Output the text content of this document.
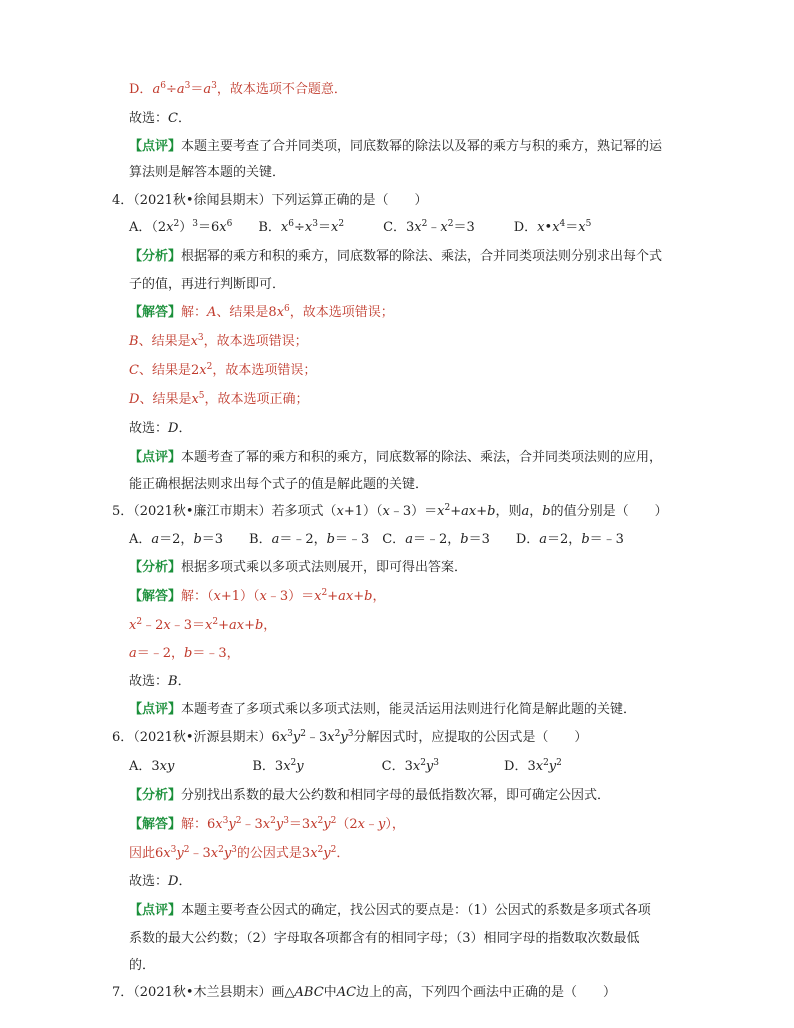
D．$a^6\div a^3=a^3$，故本选项不合题意．
故选：C．
【点评】本题主要考查了合并同类项，同底数幂的除法以及幂的乘方与积的乘方，熟记幂的运
算法则是解答本题的关键．
4．（2021秋•徐闻县期末）下列运算正确的是（　　）
A．$(2x^2)^3=6x^6$　　B．$x^6\div x^3=x^2$　　　C．$3x^2﹣x^2=3$　　　D．$x•x^4=x^5$
【分析】根据幂的乘方和积的乘方，同底数幂的除法、乘法，合并同类项法则分别求出每个式
子的值，再进行判断即可．
【解答】解：A、结果是$8x^6$，故本选项错误；
B、结果是$x^3$，故本选项错误；
C、结果是$2x^2$，故本选项错误；
D、结果是$x^5$，故本选项正确；
故选：D．
【点评】本题考查了幂的乘方和积的乘方，同底数幂的除法、乘法，合并同类项法则的应用，
能正确根据法则求出每个式子的值是解此题的关键．
5．（2021秋•廉江市期末）若多项式$(x+1)(x﹣3)=x^2+ax+b$，则a，b的值分别是（　　）
A．a＝2，b＝3　　B．a＝﹣2，b＝﹣3　C．a＝﹣2，b＝3　　D．a＝2，b＝﹣3
【分析】根据多项式乘以多项式法则展开，即可得出答案．
【解答】解：$(x+1)(x﹣3)=x^2+ax+b$，
$x^2﹣2x﹣3=x^2+ax+b$，
a＝﹣2，b＝﹣3，
故选：B．
【点评】本题考查了多项式乘以多项式法则，能灵活运用法则进行化简是解此题的关键．
6．（2021秋•沂源县期末）$6x^3y^2﹣3x^2y^3$分解因式时，应提取的公因式是（　　）
A．3xy　　　　　　B．$3x^2y$　　　　　　C．$3x^2y^3$　　　　　D．$3x^2y^2$
【分析】分别找出系数的最大公约数和相同字母的最低指数次幂，即可确定公因式．
【解答】解：$6x^3y^2﹣3x^2y^3=3x^2y^2(2x﹣y)$，
因此$6x^3y^2﹣3x^2y^3$的公因式是$3x^2y^2$．
故选：D．
【点评】本题主要考查公因式的确定，找公因式的要点是：（1）公因式的系数是多项式各项
系数的最大公约数；（2）字母取各项都含有的相同字母；（3）相同字母的指数取次数最低
的．
7．（2021秋•木兰县期末）画△ABC中AC边上的高，下列四个画法中正确的是（　　）
